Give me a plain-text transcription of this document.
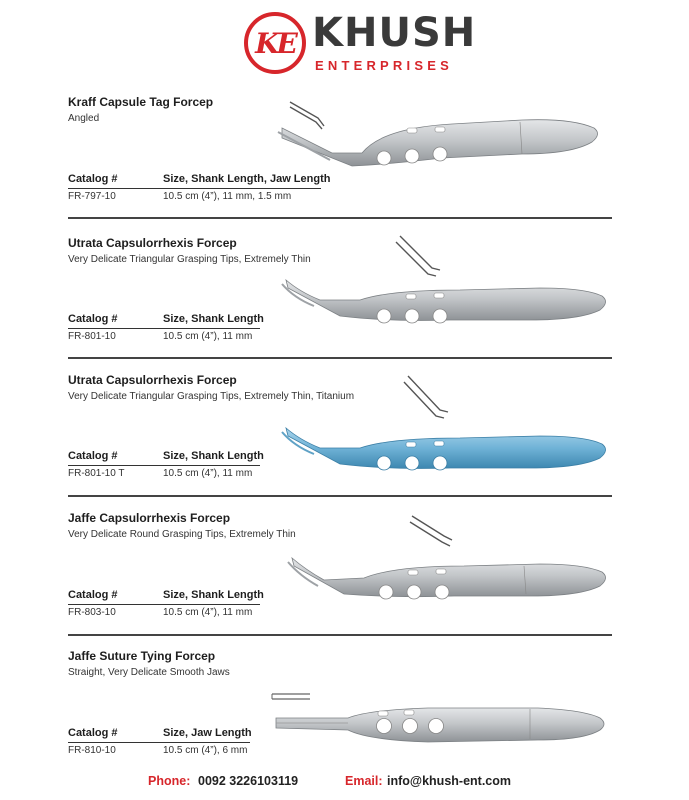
KE KHUSH
ENTERPRISES
Kraff Capsule Tag Forcep
Angled
Catalog #	Size, Shank Length, Jaw Length
FR-797-10	10.5 cm (4”), 11 mm, 1.5 mm
Utrata Capsulorrhexis Forcep
Very Delicate Triangular Grasping Tips, Extremely Thin
Catalog #	Size, Shank Length
FR-801-10	10.5 cm (4”), 11 mm
Utrata Capsulorrhexis Forcep
Very Delicate Triangular Grasping Tips, Extremely Thin, Titanium
Catalog #	Size, Shank Length
FR-801-10 T	10.5 cm (4”), 11 mm
Jaffe Capsulorrhexis Forcep
Very Delicate Round Grasping Tips, Extremely Thin
Catalog #	Size, Shank Length
FR-803-10	10.5 cm (4”), 11 mm
Jaffe Suture Tying Forcep
Straight, Very Delicate Smooth Jaws
Catalog #	Size, Jaw Length
FR-810-10	10.5 cm (4”), 6 mm
Phone: 0092 3226103119	Email: info@khush-ent.com
